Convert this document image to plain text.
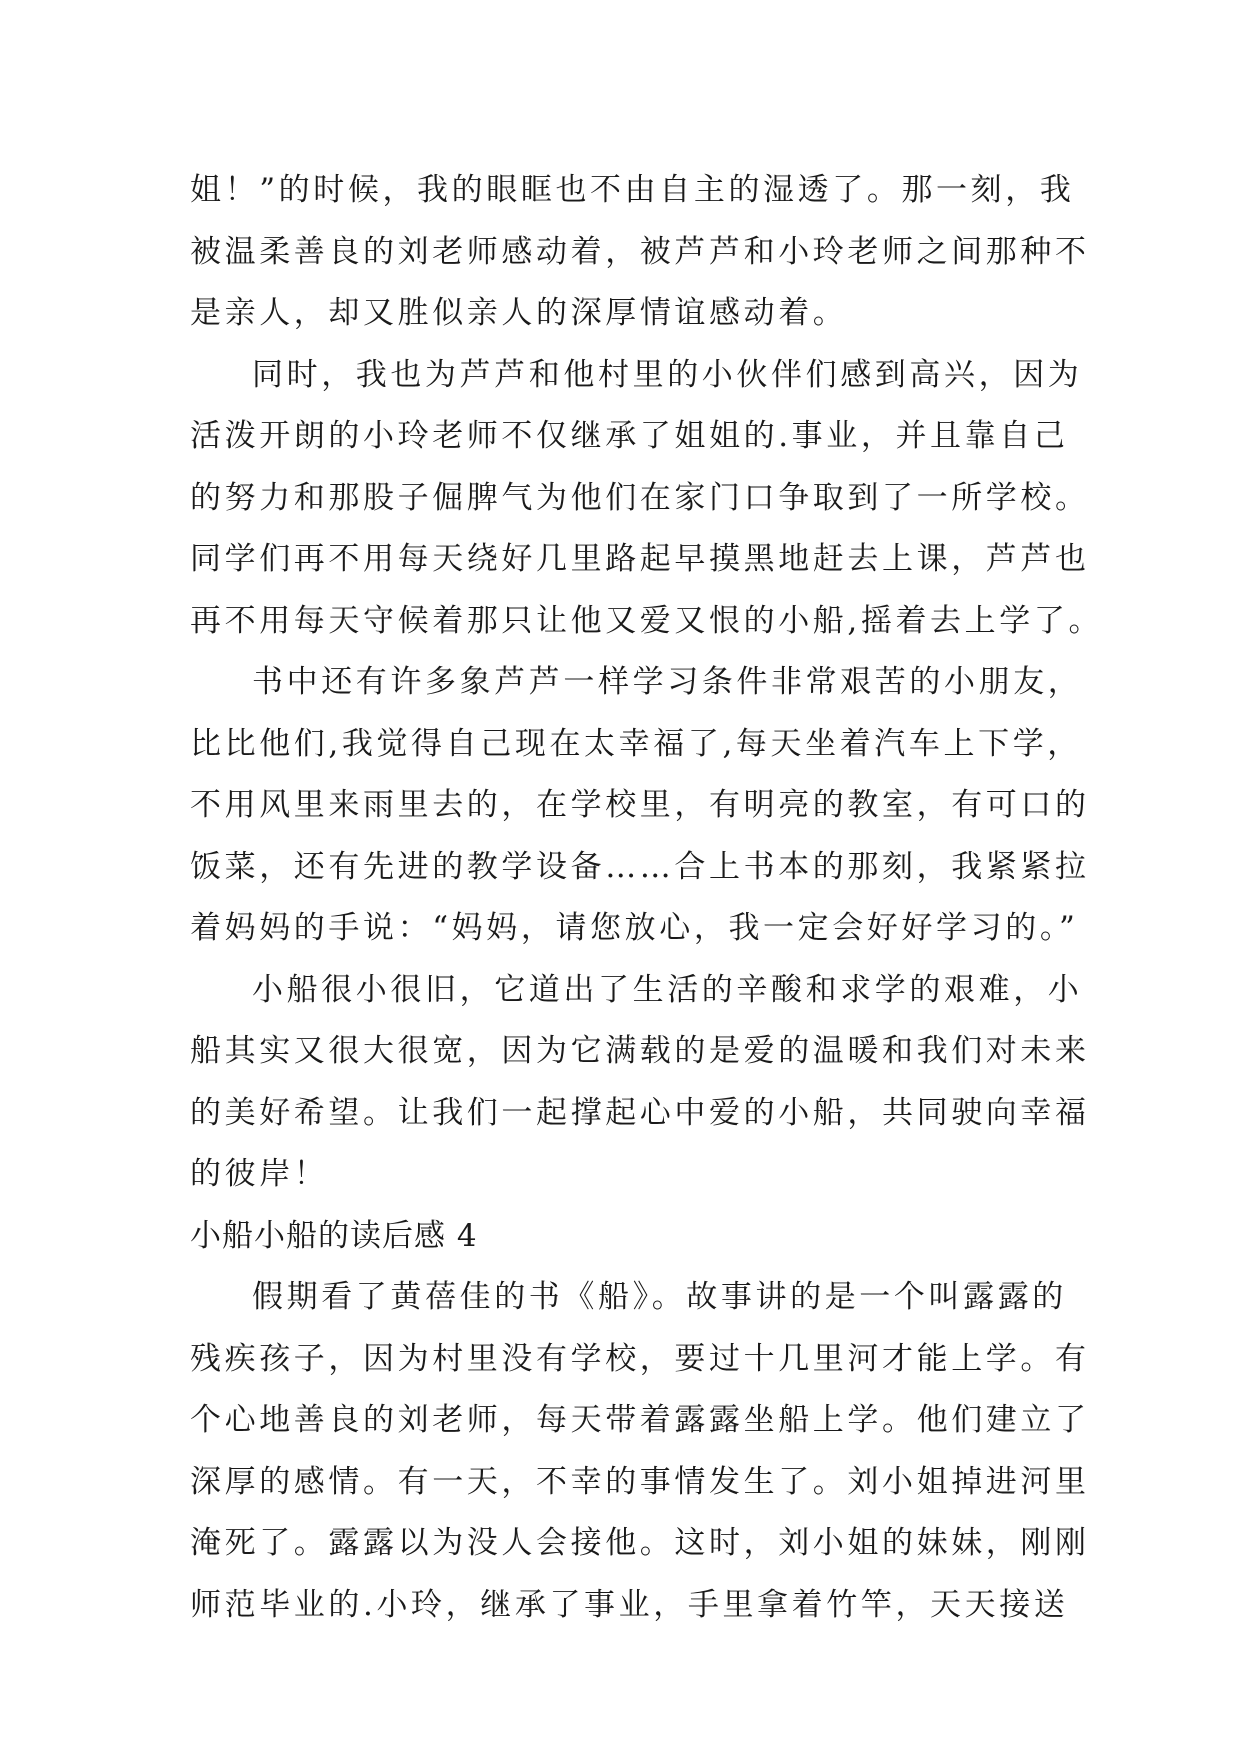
姐！”的时候，我的眼眶也不由自主的湿透了。那一刻，我
被温柔善良的刘老师感动着，被芦芦和小玲老师之间那种不
是亲人，却又胜似亲人的深厚情谊感动着。
同时，我也为芦芦和他村里的小伙伴们感到高兴，因为
活泼开朗的小玲老师不仅继承了姐姐的.事业，并且靠自己
的努力和那股子倔脾气为他们在家门口争取到了一所学校。
同学们再不用每天绕好几里路起早摸黑地赶去上课，芦芦也
再不用每天守候着那只让他又爱又恨的小船,摇着去上学了。
书中还有许多象芦芦一样学习条件非常艰苦的小朋友，
比比他们,我觉得自己现在太幸福了,每天坐着汽车上下学，
不用风里来雨里去的，在学校里，有明亮的教室，有可口的
饭菜，还有先进的教学设备……合上书本的那刻，我紧紧拉
着妈妈的手说：“妈妈，请您放心，我一定会好好学习的。”
小船很小很旧，它道出了生活的辛酸和求学的艰难，小
船其实又很大很宽，因为它满载的是爱的温暖和我们对未来
的美好希望。让我们一起撑起心中爱的小船，共同驶向幸福
的彼岸！
小船小船的读后感 4
假期看了黄蓓佳的书《船》。故事讲的是一个叫露露的
残疾孩子，因为村里没有学校，要过十几里河才能上学。有
个心地善良的刘老师，每天带着露露坐船上学。他们建立了
深厚的感情。有一天，不幸的事情发生了。刘小姐掉进河里
淹死了。露露以为没人会接他。这时，刘小姐的妹妹，刚刚
师范毕业的.小玲，继承了事业，手里拿着竹竿，天天接送
